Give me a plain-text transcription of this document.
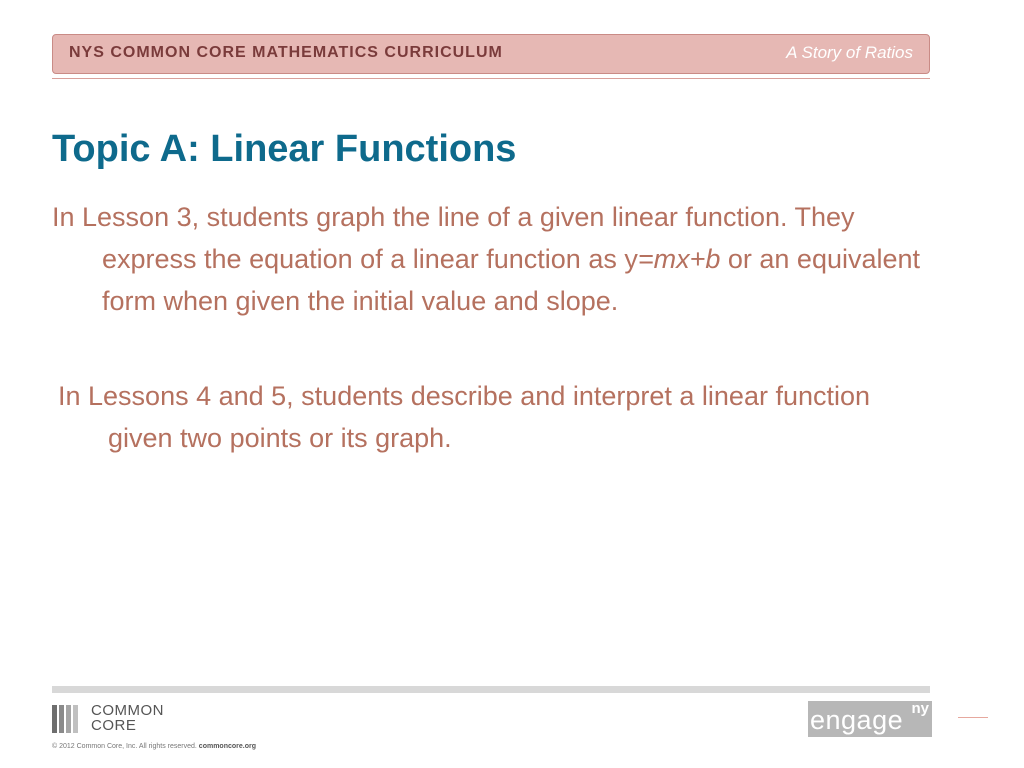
NYS COMMON CORE MATHEMATICS CURRICULUM	A Story of Ratios
Topic A: Linear Functions

In Lesson 3, students graph the line of a given linear function. They express the equation of a linear function as y=mx+b or an equivalent form when given the initial value and slope.

In Lessons 4 and 5, students describe and interpret a linear function given two points or its graph.

COMMON
CORE
© 2012 Common Core, Inc. All rights reserved. commoncore.org
engage ny
